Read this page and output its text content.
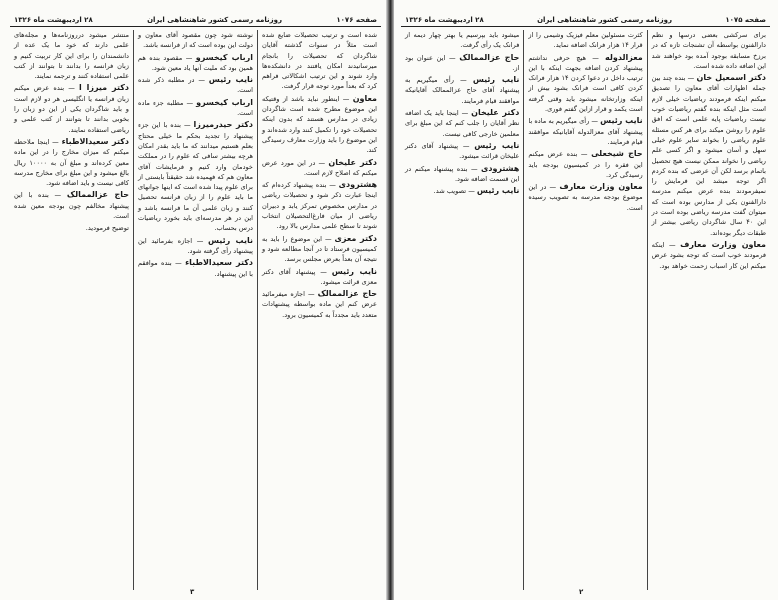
صفحه ۱۰۷۶
روزنامه رسمی کشور شاهنشاهی ایران
۲۸ اردیبهشت ماه ۱۳۲۶

شده است و ترتیب تحصیلات ضایع شده است مثلاً در سنوات گذشته آقایان شاگردان که تحصیلات را بانجام میرسانیدند امکان یافتند در دانشکده‌ها وارد شوند و این ترتیب اشکالاتی فراهم کرد که بعداً مورد توجه قرار گرفت.

معاون — اینطور نباید باشد از وقتیکه این موضوع مطرح شده است شاگردان زیادی در مدارس هستند که بدون اینکه تحصیلات خود را تکمیل کنند وارد شده‌اند و این موضوع را باید وزارت معارف رسیدگی کند.

دکتر علیخان — در این مورد عرض میکنم که اصلاح لازم است.

هشترودی — بنده پیشنهاد کرده‌ام که اینجا عبارت ذکر شود و تحصیلات ریاضی در مدارس مخصوص تمرکز یابد و دبیران ریاضی از میان فارغ‌التحصیلان انتخاب شوند تا سطح علمی مدارس بالا رود.

دکتر معزی — این موضوع را باید به کمیسیون فرستاد تا در آنجا مطالعه شود و نتیجه آن بعداً بعرض مجلس برسد.

نایب رئیس — پیشنهاد آقای دکتر معزی قرائت میشود.

حاج عزالممالک — اجازه میفرمائید عرض کنم این ماده بواسطه پیشنهادات متعدد باید مجدداً به کمیسیون برود.

نوشته شود چون مقصود آقای معاون و دولت این بوده است که از فرانسه باشد.

ارباب کیخسرو — مقصود بنده هم همین بود که ملیت آنها یاد معین شود.

نایب رئیس — در مطلبه ذکر شده است.

ارباب کیخسرو — مطلبه جزء ماده است.

دکتر حیدرمیرزا — بنده با این جزء پیشنهاد را تجدید بحکم ما خیلی محتاج بعلم هستیم میدانند که ما باید بقدر امکان هرچه بیشتر سافی که علوم را در مملکت خودمان وارد کنیم و فرمایشات آقای معاون هم که فهمیده شد حقیقتاً بایستی از برای علوم پیدا شده است که اینها جوانهای ما باید علوم را از زبان فرانسه تحصیل کنند و زبان علمی آن ما فرانسه باشد و این در هر مدرسه‌ای باید بخورد ریاضیات درس بحساب.

نایب رئیس — اجازه بفرمائید این پیشنهاد رأی گرفته شود.

دکتر سعیدالاطباء — بنده موافقم با این پیشنهاد.

منتشر میشود درروزنامه‌ها و مجله‌های علمی دارند که خود ما یک عده از دانشمندان را برای این کار تربیت کنیم و زبان فرانسه را بدانند تا بتوانند از کتب علمی استفاده کنند و ترجمه نمایند.

دکتر میرزا ا — بنده عرض میکنم زبان فرانسه یا انگلیسی هر دو لازم است و باید شاگردان یکی از این دو زبان را بخوبی بدانند تا بتوانند از کتب علمی و ریاضی استفاده نمایند.

دکتر سعیدالاطباء — اینجا ملاحظه میکنم که میزان مخارج را در این ماده معین کرده‌اند و مبلغ آن به ۱۰۰۰۰ ریال بالغ میشود و این مبلغ برای مخارج مدرسه کافی نیست و باید اضافه شود.

حاج عزالممالک — بنده با این پیشنهاد مخالفم چون بودجه معین شده است.

توضیح فرمودید.

۳
صفحه ۱۰۷۵
روزنامه رسمی کشور شاهنشاهی ایران
۲۸ اردیبهشت ماه ۱۳۲۶

برای سرکشی بعضی درسها و نظم دارالفنون بواسطه آن تشنجات تازه که در برزخ مسابقه بوجود آمده بود خواهند شد این اضافه داده شده است.

دکتر اسمعیل خان — بنده چند بین جمله اظهارات آقای معاون را تصدیق میکنم اینکه فرمودند ریاضیات خیلی لازم است مثل اینکه بنده گفتم ریاضیات خوب نیست ریاضیات پایه علمی است که افق علوم را روشن میکند برای هر کس مسئله علوم ریاضی را بخواند سایر علوم خیلی سهل و آسان میشود و اگر کسی علم ریاضی را نخواند ممکن نیست هیچ تحصیل باتمام برسد لکن آن عرضی که بنده کردم اگر توجه میشد این فرمایش را نمیفرمودند بنده عرض میکنم مدرسه دارالفنون یکی از مدارس بوده است که میتوان گفت مدرسه ریاضی بوده است در این ۴۰ سال شاگردان ریاضی بیشتر از طبقات دیگر بوده‌اند.

معاون وزارت معارف — اینکه فرمودند خوب است که توجه بشود عرض میکنم این کار اسباب زحمت خواهد بود.

کثرت مسئولین معلم فیزیک وشیمی را از قرار ۱۴ هزار فرانک اضافه نماید.

معزالدوله — هیچ حرفی نداشتم پیشنهاد کردن اضافه بجهت اینکه با این ترتیب داخل در دعوا کردن ۱۴ هزار فرانک کردن کافی است فرانک بشود بیش از اینکه وزارتخانه میشود باید وقتی گرفته است یکمد و قرار ازاین گفتم فوری.

نایب رئیس — رأی میگیریم به ماده با پیشنهاد آقای معزالدوله آقایانیکه موافقند قیام فرمایند.

حاج شیخعلی — بنده عرض میکنم این فقره را در کمیسیون بودجه باید رسیدگی کرد.

معاون وزارت معارف — در این موضوع بودجه مدرسه به تصویب رسیده است.

میشود باید بپرسیم یا بهتر چهار دیمه از فرانک یک رأی گرفت.

حاج عزالممالک — این عنوان بود از.

نایب رئیس — رأی میگیریم به پیشنهاد آقای حاج عزالممالک آقایانیکه موافقند قیام فرمایند.

دکتر علیخان — اینجا باید یک اضافه نظر آقایان را جلب کنم که این مبلغ برای معلمین خارجی کافی نیست.

نایب رئیس — پیشنهاد آقای دکتر علیخان قرائت میشود.

هشترودی — بنده پیشنهاد میکنم در این قسمت اضافه شود.

نایب رئیس — تصویب شد.

۲
